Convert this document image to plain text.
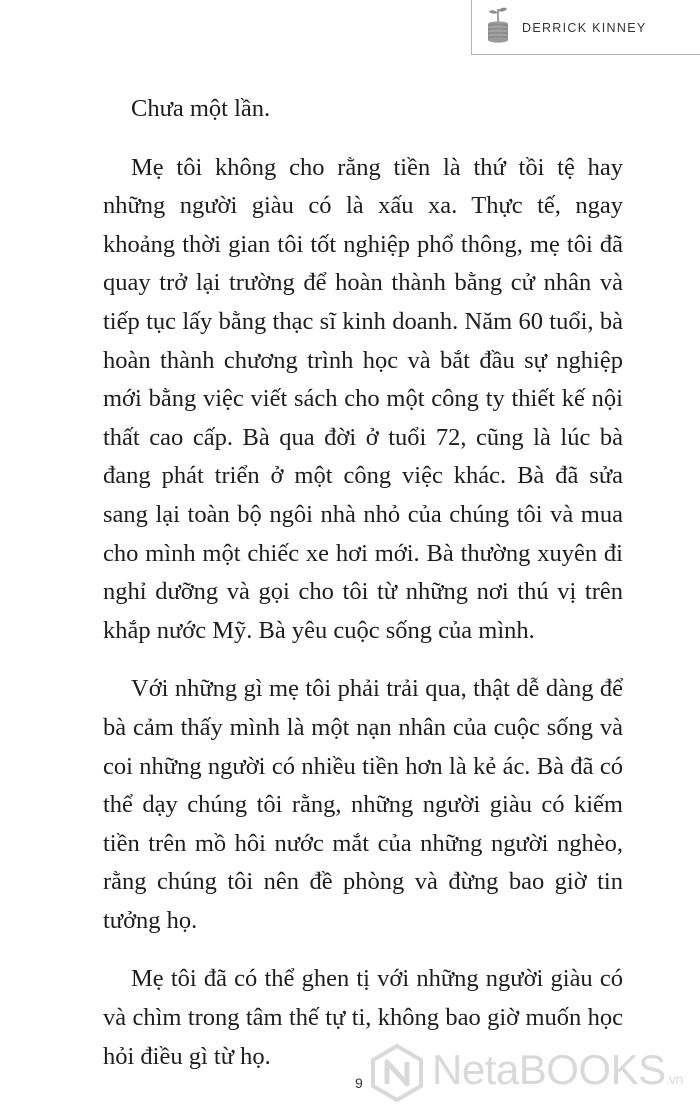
DERRICK KINNEY

Chưa một lần.

Mẹ tôi không cho rằng tiền là thứ tồi tệ hay những người giàu có là xấu xa. Thực tế, ngay khoảng thời gian tôi tốt nghiệp phổ thông, mẹ tôi đã quay trở lại trường để hoàn thành bằng cử nhân và tiếp tục lấy bằng thạc sĩ kinh doanh. Năm 60 tuổi, bà hoàn thành chương trình học và bắt đầu sự nghiệp mới bằng việc viết sách cho một công ty thiết kế nội thất cao cấp. Bà qua đời ở tuổi 72, cũng là lúc bà đang phát triển ở một công việc khác. Bà đã sửa sang lại toàn bộ ngôi nhà nhỏ của chúng tôi và mua cho mình một chiếc xe hơi mới. Bà thường xuyên đi nghỉ dưỡng và gọi cho tôi từ những nơi thú vị trên khắp nước Mỹ. Bà yêu cuộc sống của mình.

Với những gì mẹ tôi phải trải qua, thật dễ dàng để bà cảm thấy mình là một nạn nhân của cuộc sống và coi những người có nhiều tiền hơn là kẻ ác. Bà đã có thể dạy chúng tôi rằng, những người giàu có kiếm tiền trên mồ hôi nước mắt của những người nghèo, rằng chúng tôi nên đề phòng và đừng bao giờ tin tưởng họ.

Mẹ tôi đã có thể ghen tị với những người giàu có và chìm trong tâm thế tự ti, không bao giờ muốn học hỏi điều gì từ họ.

9 NetaBOOKS.vn
